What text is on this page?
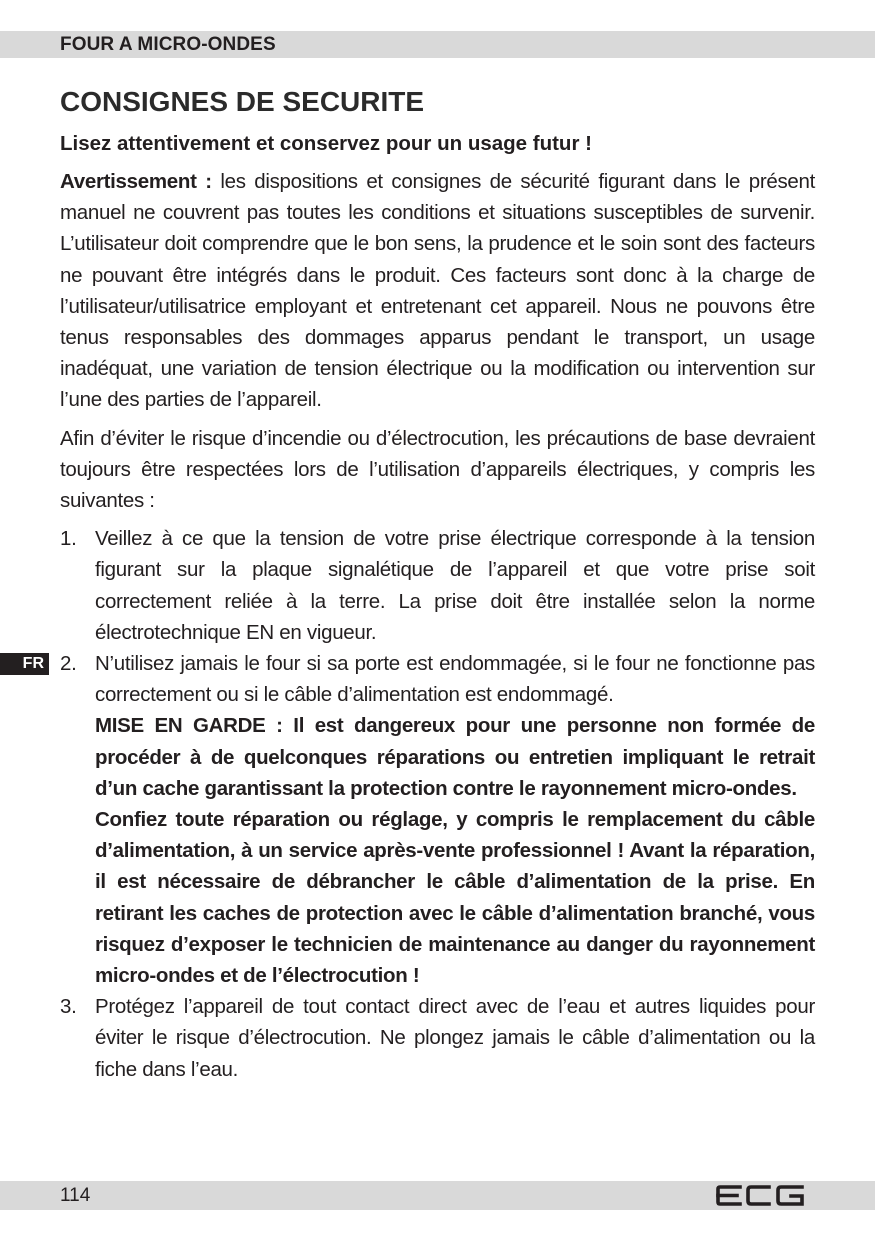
FOUR A MICRO-ONDES
CONSIGNES DE SECURITE
Lisez attentivement et conservez pour un usage futur !

Avertissement : les dispositions et consignes de sécurité figurant dans le présent manuel ne couvrent pas toutes les conditions et situations susceptibles de survenir. L’utilisateur doit comprendre que le bon sens, la prudence et le soin sont des facteurs ne pouvant être intégrés dans le produit. Ces facteurs sont donc à la charge de l’utilisateur/utilisatrice employant et entretenant cet appareil. Nous ne pouvons être tenus responsables des dommages apparus pendant le transport, un usage inadéquat, une variation de tension électrique ou la modification ou intervention sur l’une des parties de l’appareil.

Afin d’éviter le risque d’incendie ou d’électrocution, les précautions de base devraient toujours être respectées lors de l’utilisation d’appareils électriques, y compris les suivantes :

1. Veillez à ce que la tension de votre prise électrique corresponde à la tension figurant sur la plaque signalétique de l’appareil et que votre prise soit correctement reliée à la terre. La prise doit être installée selon la norme électrotechnique EN en vigueur.
2. N’utilisez jamais le four si sa porte est endommagée, si le four ne fonctionne pas correctement ou si le câble d’alimentation est endommagé.
MISE EN GARDE : Il est dangereux pour une personne non formée de procéder à de quelconques réparations ou entretien impliquant le retrait d’un cache garantissant la protection contre le rayonnement micro-ondes.
Confiez toute réparation ou réglage, y compris le remplacement du câble d’alimentation, à un service après-vente professionnel ! Avant la réparation, il est nécessaire de débrancher le câble d’alimentation de la prise. En retirant les caches de protection avec le câble d’alimentation branché, vous risquez d’exposer le technicien de maintenance au danger du rayonnement micro-ondes et de l’électrocution !
3. Protégez l’appareil de tout contact direct avec de l’eau et autres liquides pour éviter le risque d’électrocution. Ne plongez jamais le câble d’alimentation ou la fiche dans l’eau.
FR
114
